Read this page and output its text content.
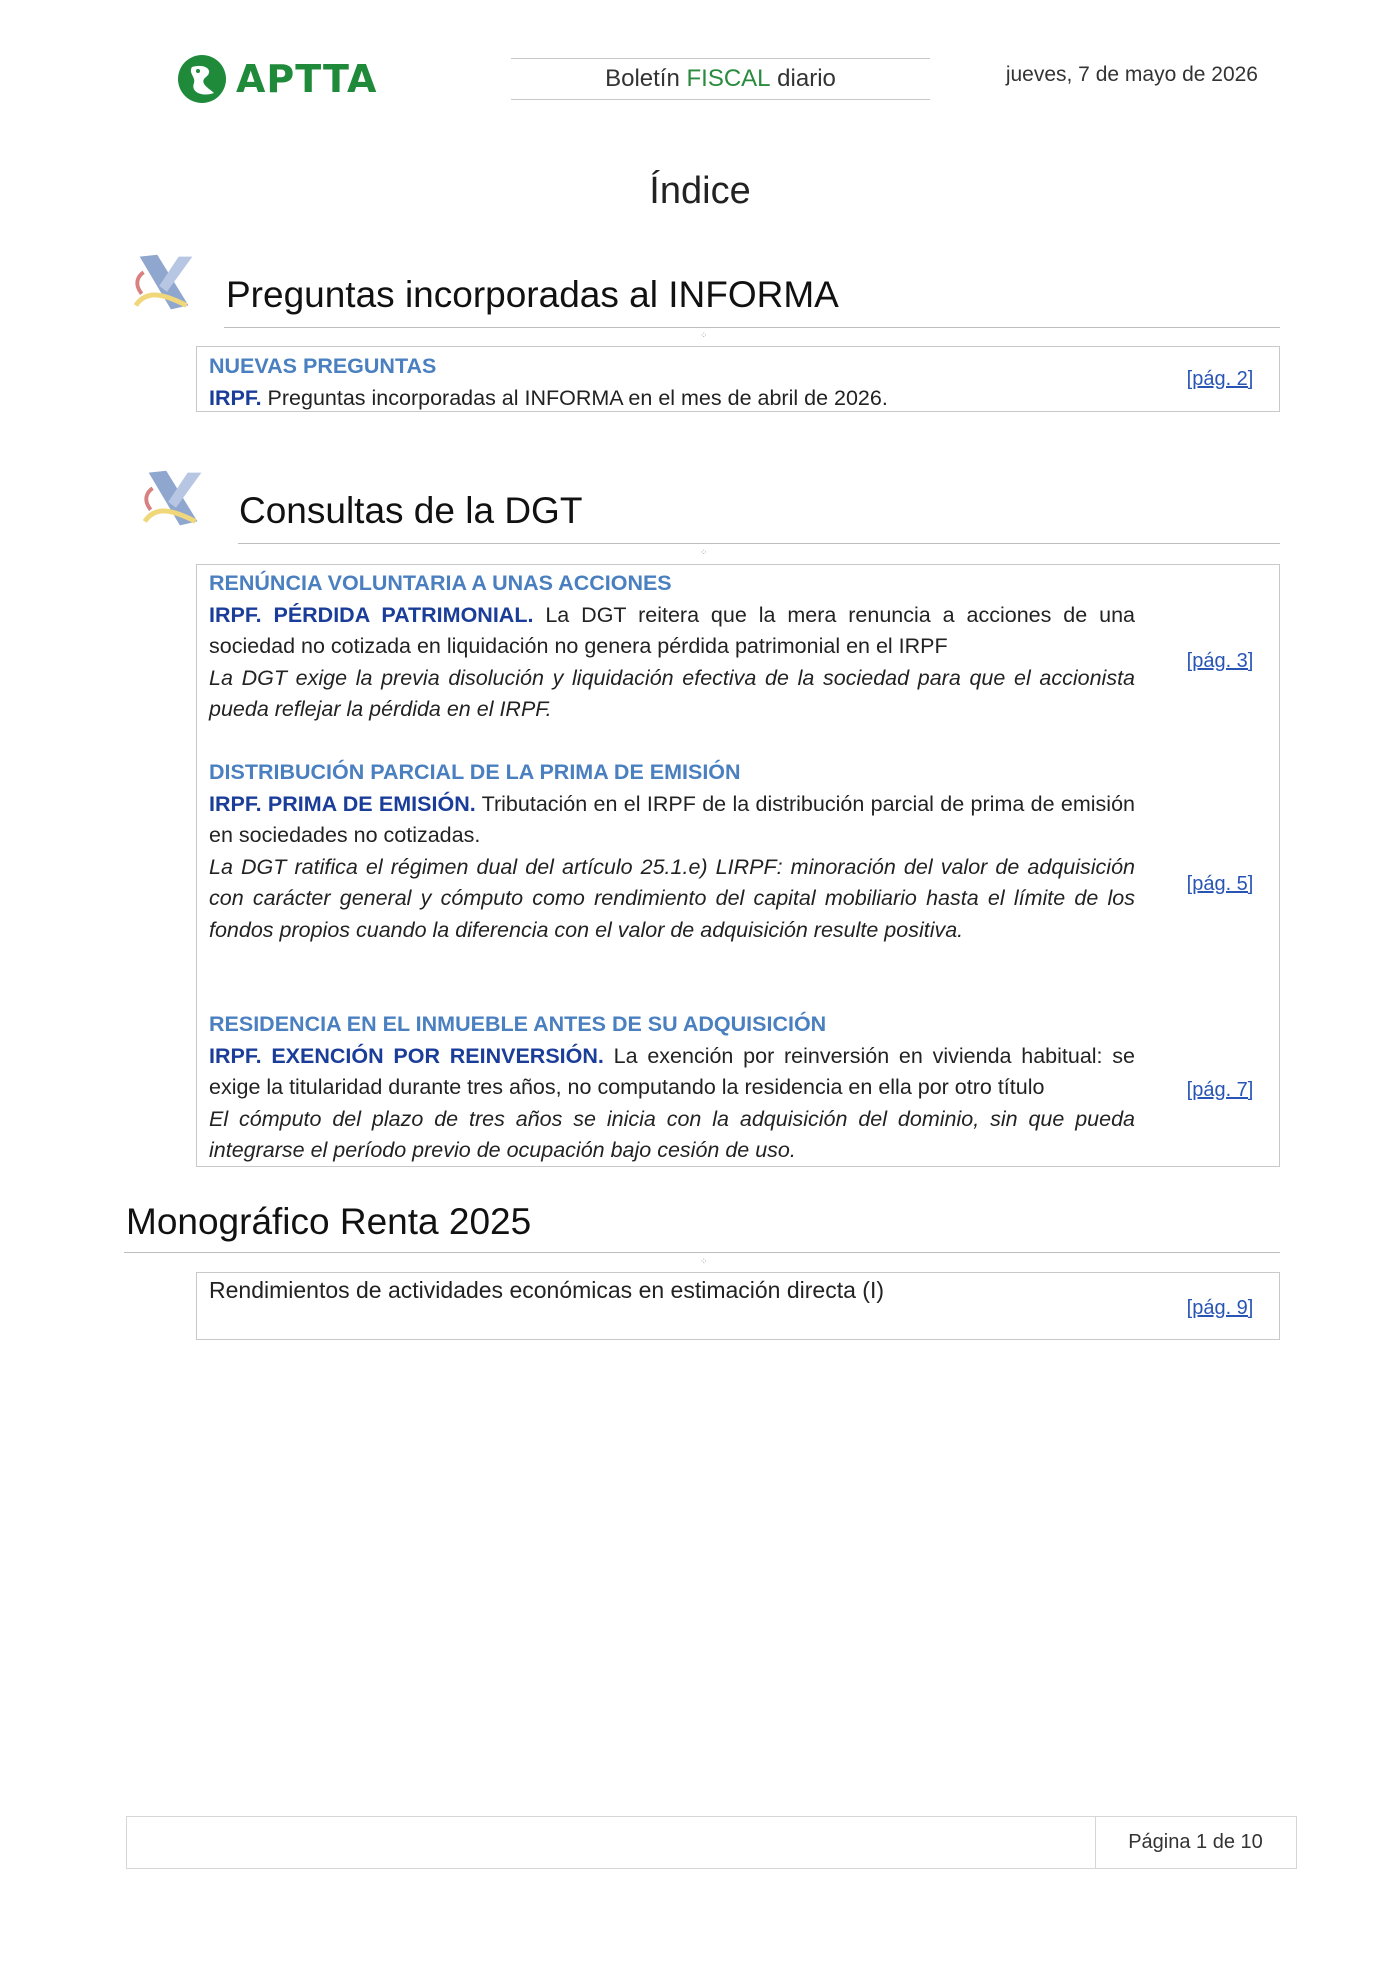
APTTA	Boletín FISCAL diario	jueves, 7 de mayo de 2026
Índice
Preguntas incorporadas al INFORMA
⁘
NUEVAS PREGUNTAS
IRPF. Preguntas incorporadas al INFORMA en el mes de abril de 2026.
[pág. 2]
Consultas de la DGT
⁘
RENÚNCIA VOLUNTARIA A UNAS ACCIONES
IRPF. PÉRDIDA PATRIMONIAL. La DGT reitera que la mera renuncia a acciones de una sociedad no cotizada en liquidación no genera pérdida patrimonial en el IRPF
La DGT exige la previa disolución y liquidación efectiva de la sociedad para que el accionista pueda reflejar la pérdida en el IRPF.
[pág. 3]
DISTRIBUCIÓN PARCIAL DE LA PRIMA DE EMISIÓN
IRPF. PRIMA DE EMISIÓN. Tributación en el IRPF de la distribución parcial de prima de emisión en sociedades no cotizadas.
La DGT ratifica el régimen dual del artículo 25.1.e) LIRPF: minoración del valor de adquisición con carácter general y cómputo como rendimiento del capital mobiliario hasta el límite de los fondos propios cuando la diferencia con el valor de adquisición resulte positiva.
[pág. 5]
RESIDENCIA EN EL INMUEBLE ANTES DE SU ADQUISICIÓN
IRPF. EXENCIÓN POR REINVERSIÓN. La exención por reinversión en vivienda habitual: se exige la titularidad durante tres años, no computando la residencia en ella por otro título
El cómputo del plazo de tres años se inicia con la adquisición del dominio, sin que pueda integrarse el período previo de ocupación bajo cesión de uso.
[pág. 7]
Monográfico Renta 2025
⁘
Rendimientos de actividades económicas en estimación directa (I)
[pág. 9]
Página 1 de 10
